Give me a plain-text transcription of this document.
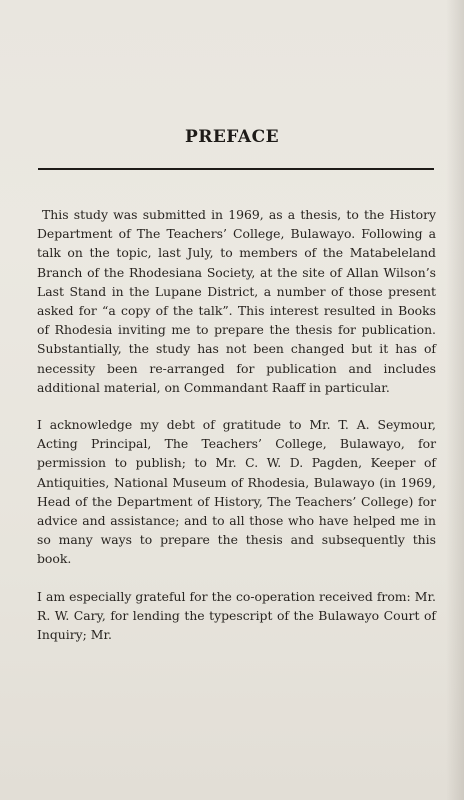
PREFACE

This study was submitted in 1969, as a thesis, to the History Department of The Teachers’ College, Bulawayo. Following a talk on the topic, last July, to members of the Matabeleland Branch of the Rhodesiana Society, at the site of Allan Wilson’s Last Stand in the Lupane District, a number of those present asked for “a copy of the talk”. This interest resulted in Books of Rhodesia inviting me to prepare the thesis for publication. Substantially, the study has not been changed but it has of necessity been re-arranged for publication and includes additional material, on Commandant Raaff in particular.

I acknowledge my debt of gratitude to Mr. T. A. Seymour, Acting Principal, The Teachers’ College, Bulawayo, for permission to publish; to Mr. C. W. D. Pagden, Keeper of Antiquities, National Museum of Rhodesia, Bulawayo (in 1969, Head of the Department of History, The Teachers’ College) for advice and assistance; and to all those who have helped me in so many ways to prepare the thesis and subsequently this book.

I am especially grateful for the co-operation received from: Mr. R. W. Cary, for lending the typescript of the Bulawayo Court of Inquiry; Mr.
